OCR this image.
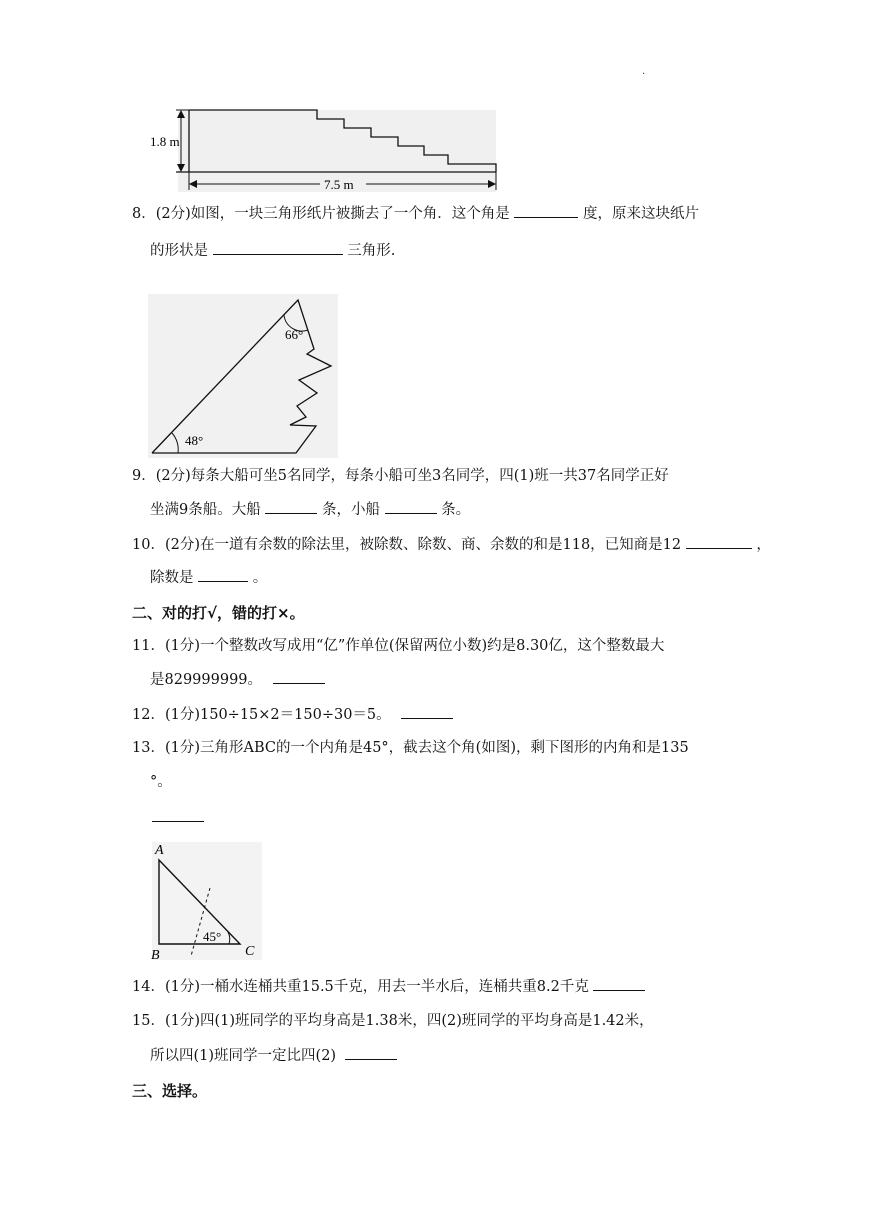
.
1.8 m
7.5 m
8．(2分)如图，一块三角形纸片被撕去了一个角．这个角是	度，原来这块纸片
的形状是	三角形.
66°
48°
9．(2分)每条大船可坐5名同学，每条小船可坐3名同学，四(1)班一共37名同学正好
坐满9条船。大船	条，小船	条。
10．(2分)在一道有余数的除法里，被除数、除数、商、余数的和是118，已知商是12	，
除数是	。
二、对的打√，错的打×。
11．(1分)一个整数改写成用“亿”作单位(保留两位小数)约是8.30亿，这个整数最大
是829999999。
12．(1分)150÷15×2＝150÷30＝5。
13．(1分)三角形ABC的一个内角是45°，截去这个角(如图)，剩下图形的内角和是135
°。
A
B	C
45°
14．(1分)一桶水连桶共重15.5千克，用去一半水后，连桶共重8.2千克
15．(1分)四(1)班同学的平均身高是1.38米，四(2)班同学的平均身高是1.42米，
所以四(1)班同学一定比四(2)
三、选择。
